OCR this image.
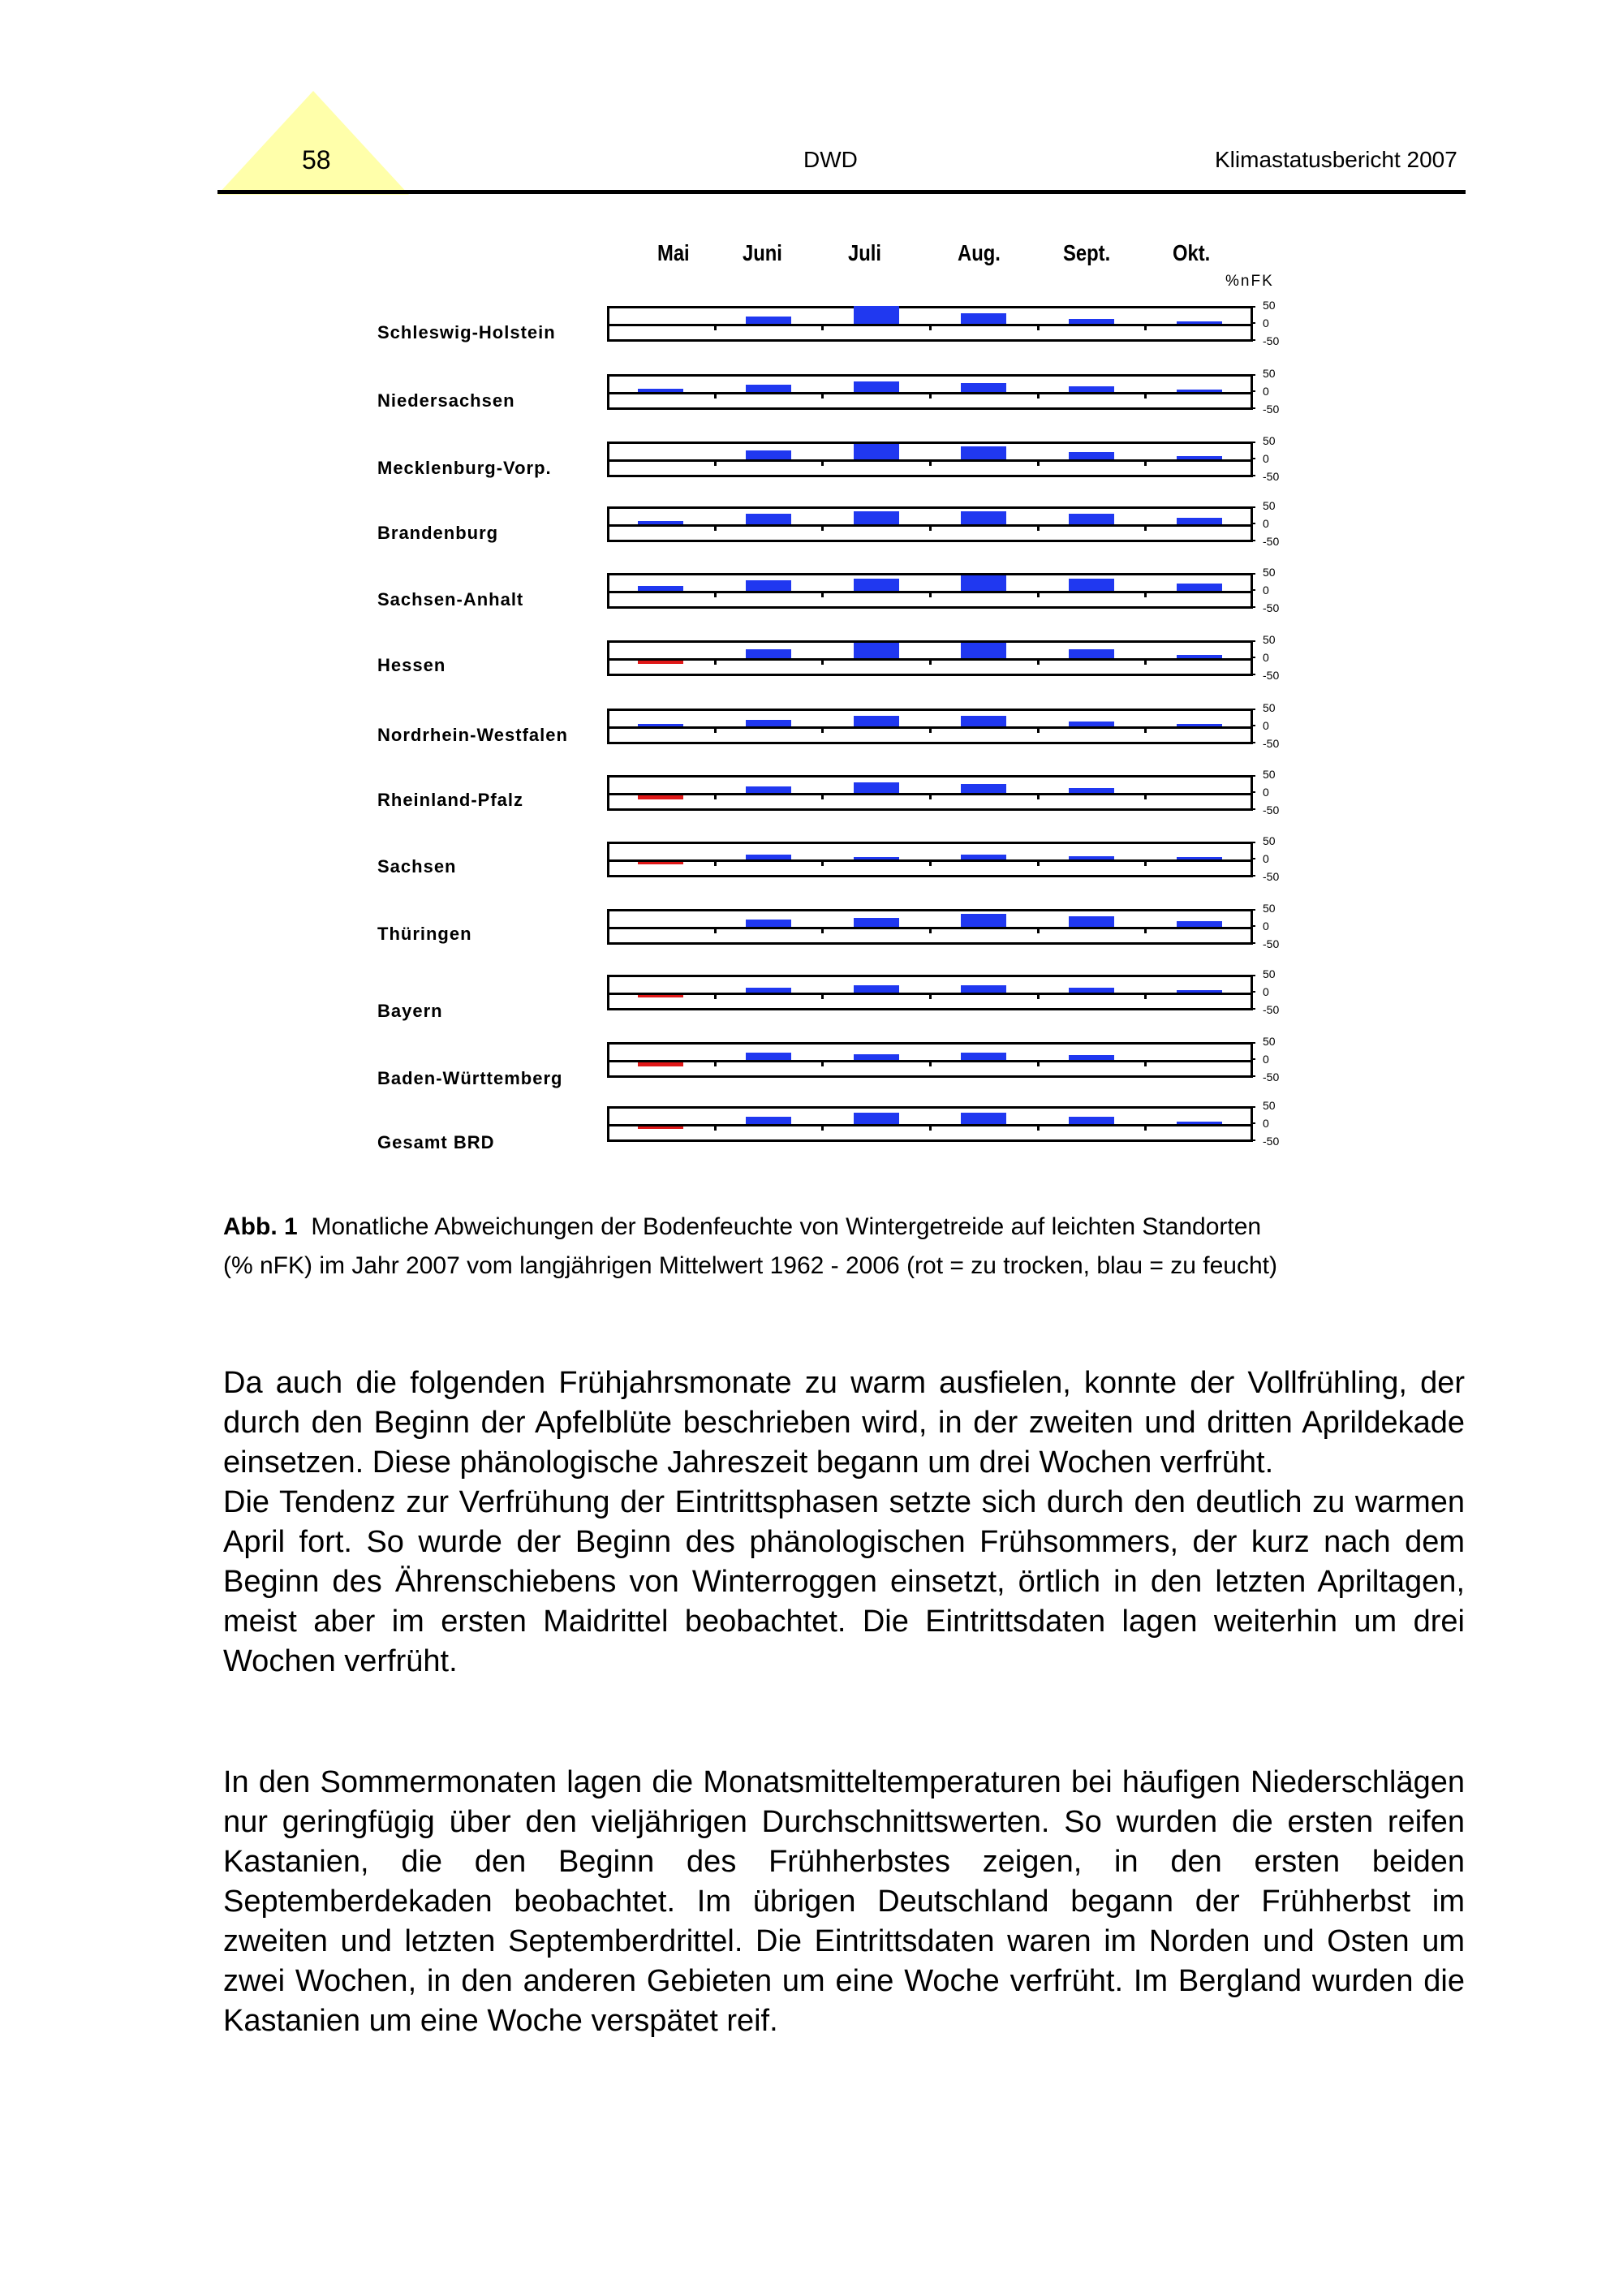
58	DWD	Klimastatusbericht 2007
%nFK
Mai Juni	Juli	Aug.	Sept.	Okt.
Schleswig-Holstein
50
0
-50
Niedersachsen
50
0
-50
Mecklenburg-Vorp.
50
0
-50
Brandenburg
50
0
-50
Sachsen-Anhalt
50
0
-50
Hessen
50
0
-50
Nordrhein-Westfalen
50
0
-50
Rheinland-Pfalz
50
0
-50
Sachsen
50
0
-50
Thüringen
50
0
-50
Bayern
50
0
-50
Baden-Württemberg
50
0
-50
Gesamt BRD
50
0
-50
Abb. 1 Monatliche Abweichungen der Bodenfeuchte von Wintergetreide auf leichten Standorten
(% nFK) im Jahr 2007 vom langjährigen Mittelwert 1962 - 2006 (rot = zu trocken, blau = zu feucht)
Da auch die folgenden Frühjahrsmonate zu warm ausfielen, konnte der Vollfrühling, der durch den Beginn der Apfelblüte beschrieben wird, in der zweiten und dritten Aprildekade einsetzen. Diese phänologische Jahreszeit begann um drei Wochen verfrüht.
Die Tendenz zur Verfrühung der Eintrittsphasen setzte sich durch den deutlich zu warmen April fort. So wurde der Beginn des phänologischen Frühsommers, der kurz nach dem Beginn des Ährenschiebens von Winterroggen einsetzt, örtlich in den letzten Apriltagen, meist aber im ersten Maidrittel beobachtet. Die Eintrittsdaten lagen weiterhin um drei Wochen verfrüht.
In den Sommermonaten lagen die Monatsmitteltemperaturen bei häufigen Niederschlägen nur geringfügig über den vieljährigen Durchschnittswerten. So wurden die ersten reifen Kastanien, die den Beginn des Frühherbstes zeigen, in den ersten beiden Septemberdekaden beobachtet. Im übrigen Deutschland begann der Frühherbst im zweiten und letzten Septemberdrittel. Die Eintrittsdaten waren im Norden und Osten um zwei Wochen, in den anderen Gebieten um eine Woche verfrüht. Im Bergland wurden die Kastanien um eine Woche verspätet reif.
